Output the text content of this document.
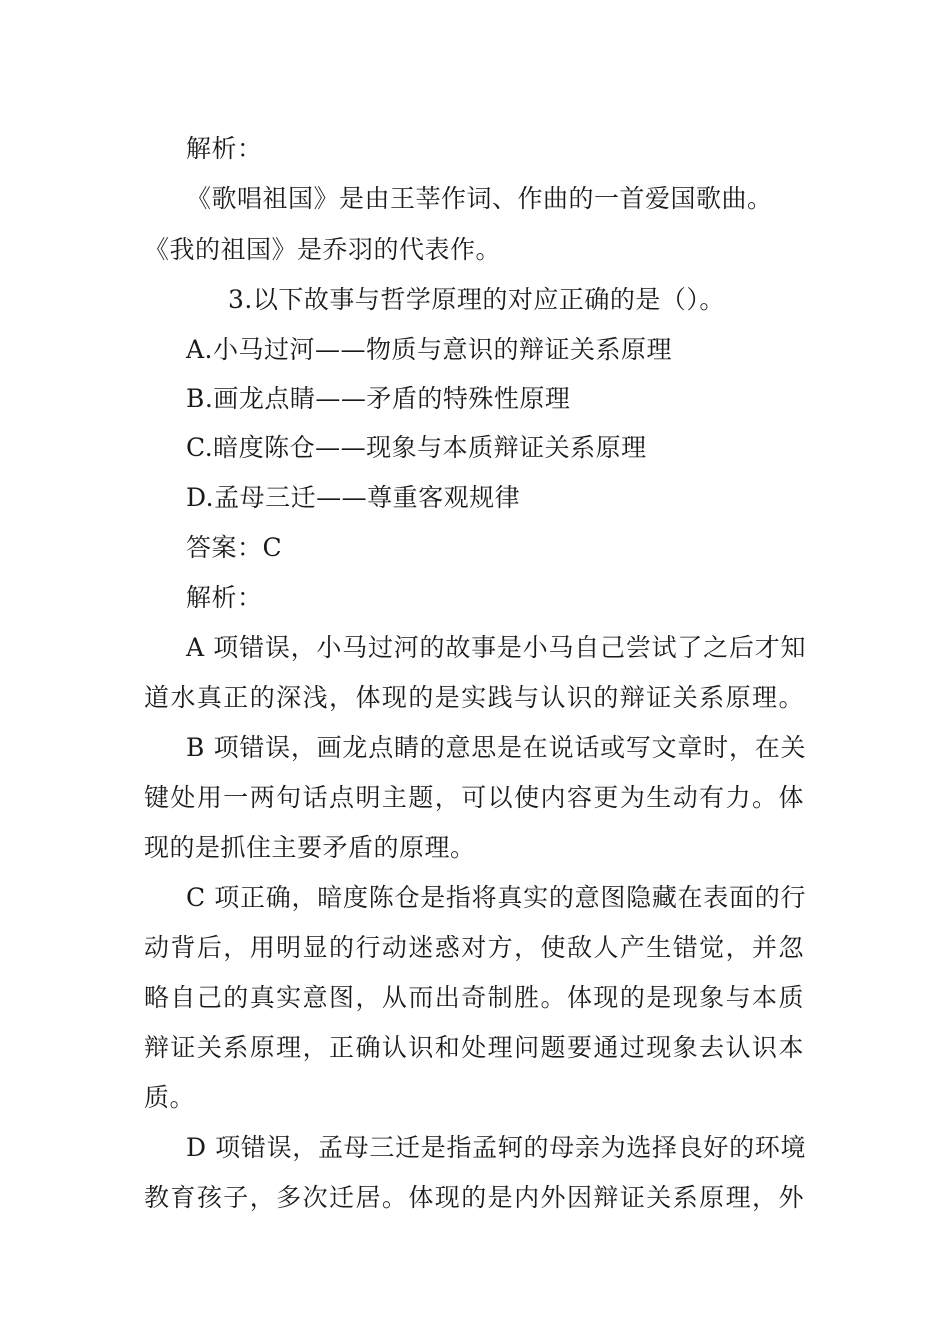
解析：
《歌唱祖国》是由王莘作词、作曲的一首爱国歌曲。
《我的祖国》是乔羽的代表作。
3.以下故事与哲学原理的对应正确的是（）。
A.小马过河——物质与意识的辩证关系原理
B.画龙点睛——矛盾的特殊性原理
C.暗度陈仓——现象与本质辩证关系原理
D.孟母三迁——尊重客观规律
答案：C
解析：
A 项错误，小马过河的故事是小马自己尝试了之后才知
道水真正的深浅，体现的是实践与认识的辩证关系原理。
B 项错误，画龙点睛的意思是在说话或写文章时，在关
键处用一两句话点明主题，可以使内容更为生动有力。体
现的是抓住主要矛盾的原理。
C 项正确，暗度陈仓是指将真实的意图隐藏在表面的行
动背后，用明显的行动迷惑对方，使敌人产生错觉，并忽
略自己的真实意图，从而出奇制胜。体现的是现象与本质
辩证关系原理，正确认识和处理问题要通过现象去认识本
质。
D 项错误，孟母三迁是指孟轲的母亲为选择良好的环境
教育孩子，多次迁居。体现的是内外因辩证关系原理，外
